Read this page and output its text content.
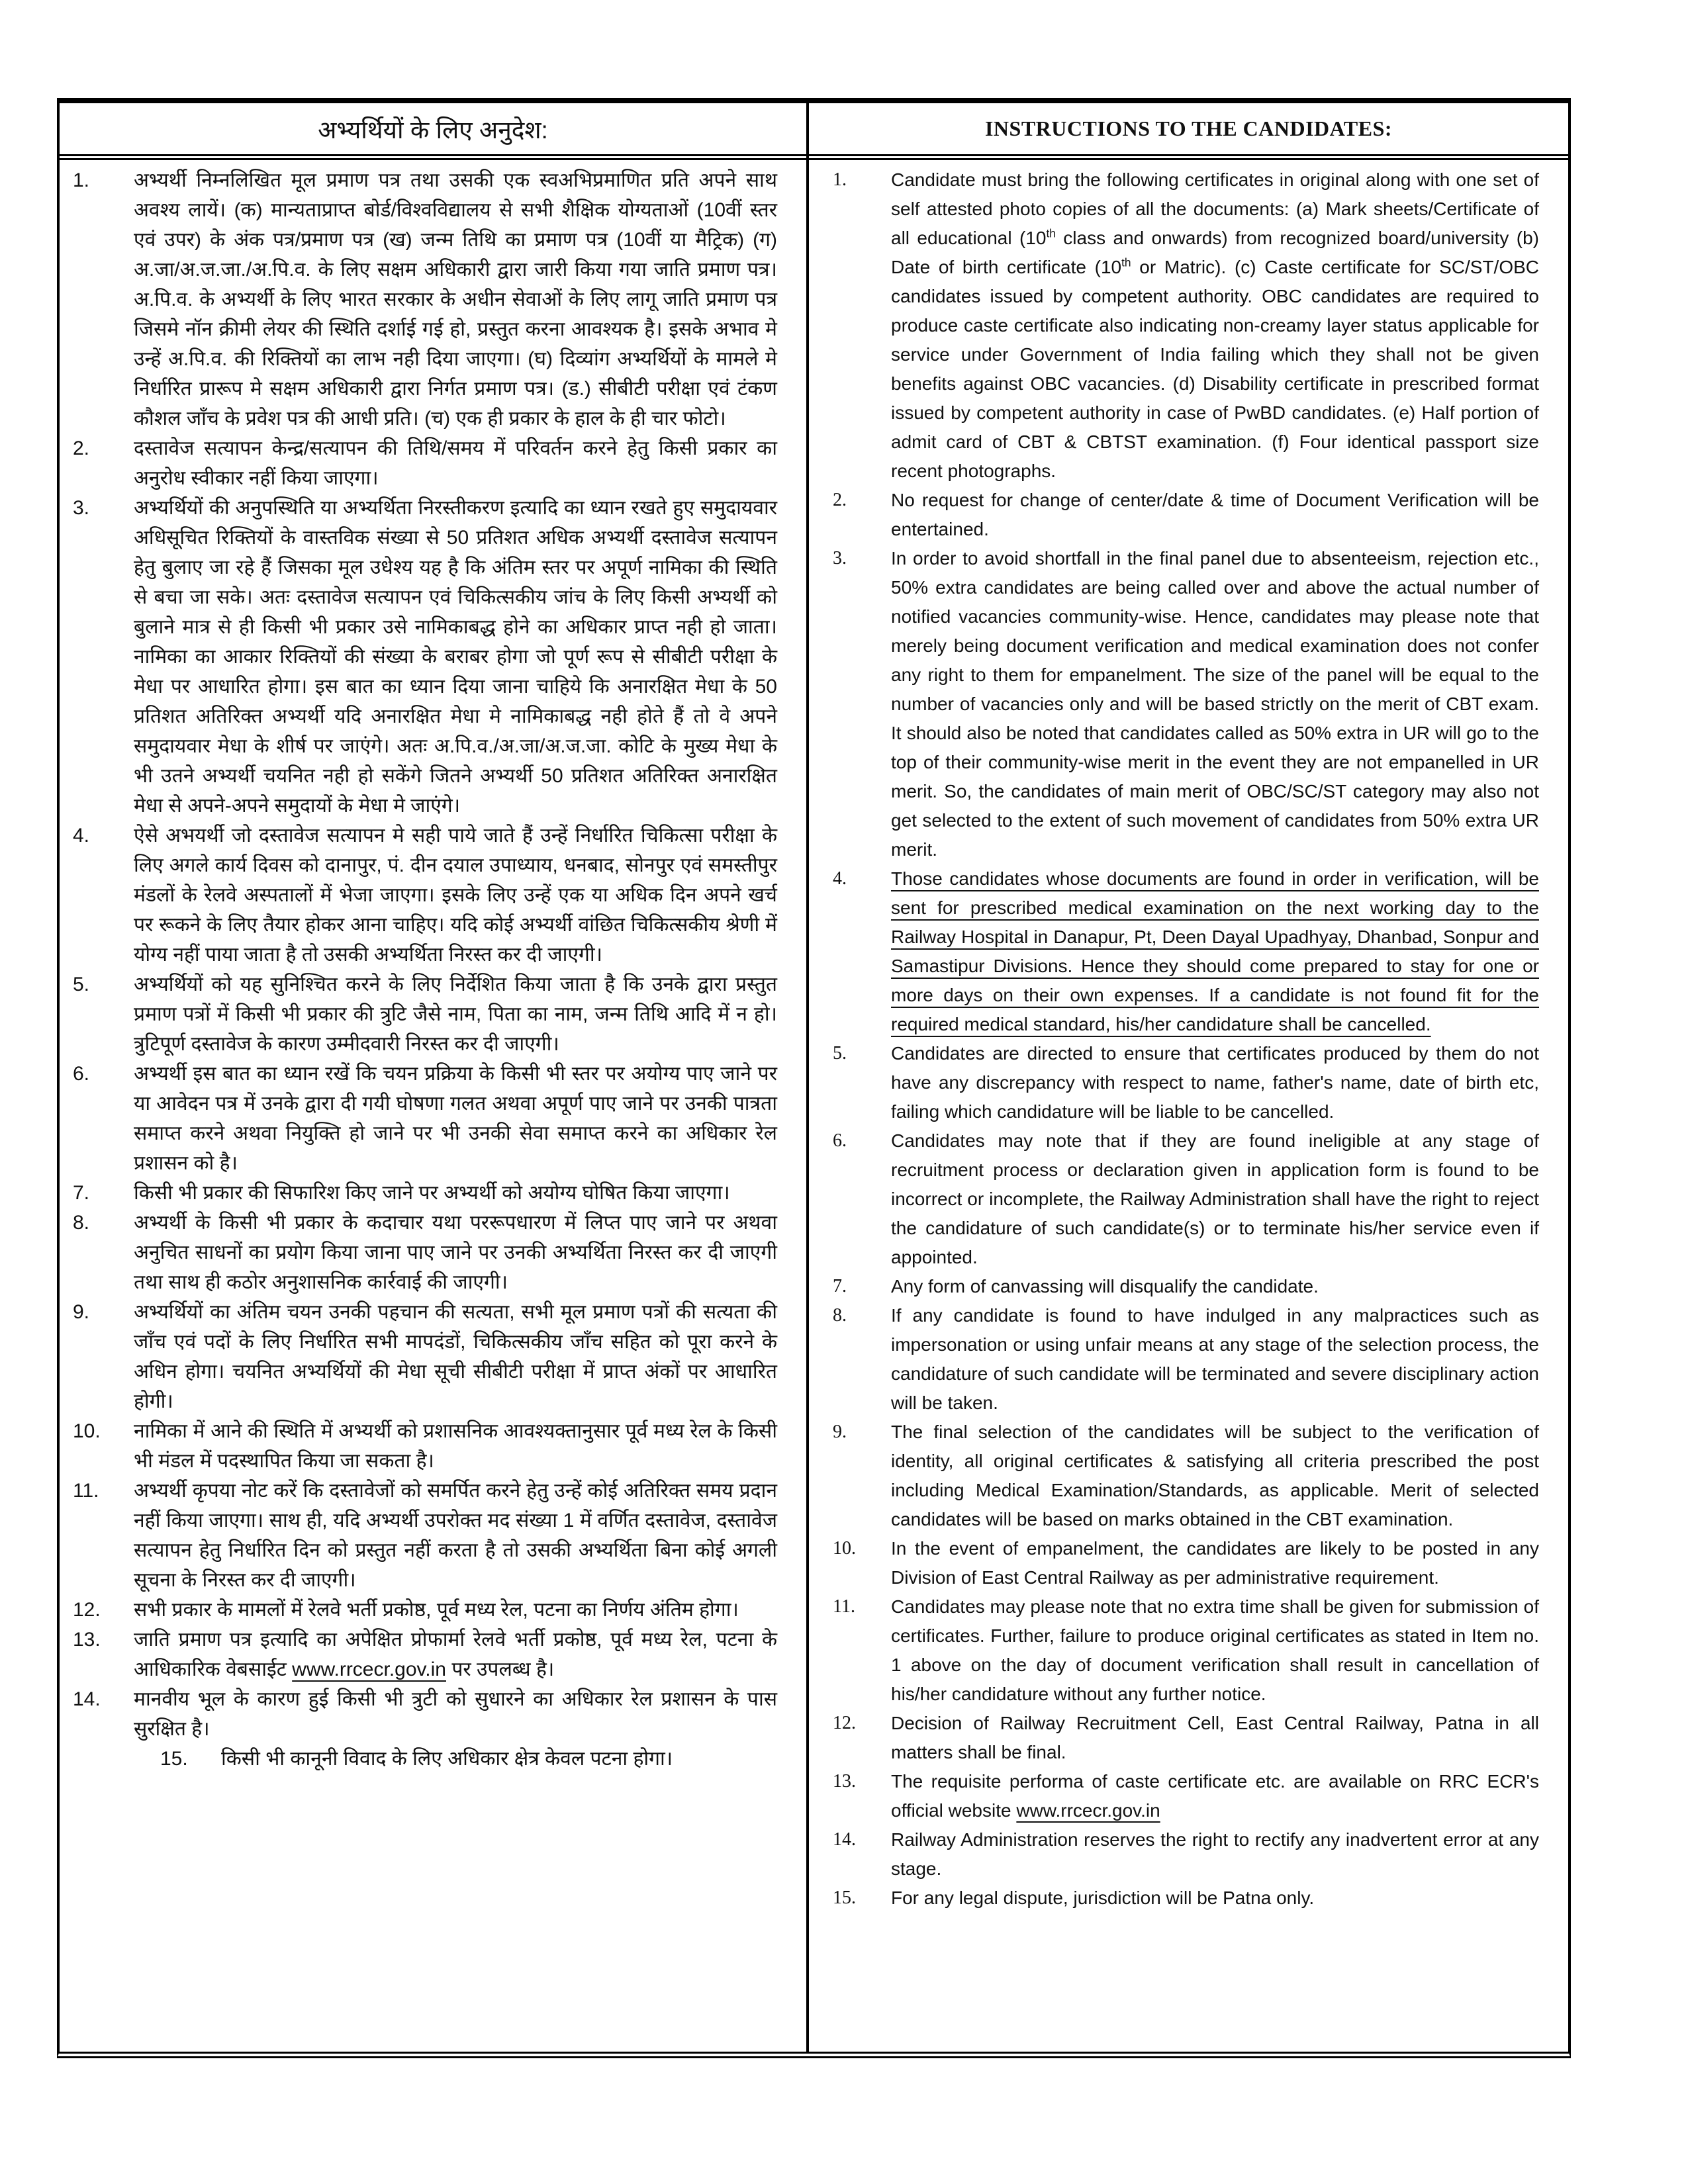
अभ्यर्थियों के लिए अनुदेश:
1.	अभ्यर्थी निम्नलिखित मूल प्रमाण पत्र तथा उसकी एक स्वअभिप्रमाणित प्रति अपने साथ अवश्य लायें। (क) मान्यताप्राप्त बोर्ड/विश्वविद्यालय से सभी शैक्षिक योग्यताओं (10वीं स्तर एवं उपर) के अंक पत्र/प्रमाण पत्र (ख) जन्म तिथि का प्रमाण पत्र (10वीं या मैट्रिक) (ग) अ.जा/अ.ज.जा./अ.पि.व. के लिए सक्षम अधिकारी द्वारा जारी किया गया जाति प्रमाण पत्र। अ.पि.व. के अभ्यर्थी के लिए भारत सरकार के अधीन सेवाओं के लिए लागू जाति प्रमाण पत्र जिसमे नॉन क्रीमी लेयर की स्थिति दर्शाई गई हो, प्रस्तुत करना आवश्यक है। इसके अभाव मे उन्हें अ.पि.व. की रिक्तियों का लाभ नही दिया जाएगा। (घ) दिव्यांग अभ्यर्थियों के मामले मे निर्धारित प्रारूप मे सक्षम अधिकारी द्वारा निर्गत प्रमाण पत्र। (ड.) सीबीटी परीक्षा एवं टंकण कौशल जाँच के प्रवेश पत्र की आधी प्रति। (च) एक ही प्रकार के हाल के ही चार फोटो।
2.	दस्तावेज सत्यापन केन्द्र/सत्यापन की तिथि/समय में परिवर्तन करने हेतु किसी प्रकार का अनुरोध स्वीकार नहीं किया जाएगा।
3.	अभ्यर्थियों की अनुपस्थिति या अभ्यर्थिता निरस्तीकरण इत्यादि का ध्यान रखते हुए समुदायवार अधिसूचित रिक्तियों के वास्तविक संख्या से 50 प्रतिशत अधिक अभ्यर्थी दस्तावेज सत्यापन हेतु बुलाए जा रहे हैं जिसका मूल उधेश्य यह है कि अंतिम स्तर पर अपूर्ण नामिका की स्थिति से बचा जा सके। अतः दस्तावेज सत्यापन एवं चिकित्सकीय जांच के लिए किसी अभ्यर्थी को बुलाने मात्र से ही किसी भी प्रकार उसे नामिकाबद्ध होने का अधिकार प्राप्त नही हो जाता। नामिका का आकार रिक्तियों की संख्या के बराबर होगा जो पूर्ण रूप से सीबीटी परीक्षा के मेधा पर आधारित होगा। इस बात का ध्यान दिया जाना चाहिये कि अनारक्षित मेधा के 50 प्रतिशत अतिरिक्त अभ्यर्थी यदि अनारक्षित मेधा मे नामिकाबद्ध नही होते हैं तो वे अपने समुदायवार मेधा के शीर्ष पर जाएंगे। अतः अ.पि.व./अ.जा/अ.ज.जा. कोटि के मुख्य मेधा के भी उतने अभ्यर्थी चयनित नही हो सकेंगे जितने अभ्यर्थी 50 प्रतिशत अतिरिक्त अनारक्षित मेधा से अपने-अपने समुदायों के मेधा मे जाएंगे।
4.	ऐसे अभयर्थी जो दस्तावेज सत्यापन मे सही पाये जाते हैं उन्हें निर्धारित चिकित्सा परीक्षा के लिए अगले कार्य दिवस को दानापुर, पं. दीन दयाल उपाध्याय, धनबाद, सोनपुर एवं समस्तीपुर मंडलों के रेलवे अस्पतालों में भेजा जाएगा। इसके लिए उन्हें एक या अधिक दिन अपने खर्च पर रूकने के लिए तैयार होकर आना चाहिए। यदि कोई अभ्यर्थी वांछित चिकित्सकीय श्रेणी में योग्य नहीं पाया जाता है तो उसकी अभ्यर्थिता निरस्त कर दी जाएगी।
5.	अभ्यर्थियों को यह सुनिश्चित करने के लिए निर्देशित किया जाता है कि उनके द्वारा प्रस्तुत प्रमाण पत्रों में किसी भी प्रकार की त्रुटि जैसे नाम, पिता का नाम, जन्म तिथि आदि में न हो। त्रुटिपूर्ण दस्तावेज के कारण उम्मीदवारी निरस्त कर दी जाएगी।
6.	अभ्यर्थी इस बात का ध्यान रखें कि चयन प्रक्रिया के किसी भी स्तर पर अयोग्य पाए जाने पर या आवेदन पत्र में उनके द्वारा दी गयी घोषणा गलत अथवा अपूर्ण पाए जाने पर उनकी पात्रता समाप्त करने अथवा नियुक्ति हो जाने पर भी उनकी सेवा समाप्त करने का अधिकार रेल प्रशासन को है।
7.	किसी भी प्रकार की सिफारिश किए जाने पर अभ्यर्थी को अयोग्य घोषित किया जाएगा।
8.	अभ्यर्थी के किसी भी प्रकार के कदाचार यथा पररूपधारण में लिप्त पाए जाने पर अथवा अनुचित साधनों का प्रयोग किया जाना पाए जाने पर उनकी अभ्यर्थिता निरस्त कर दी जाएगी तथा साथ ही कठोर अनुशासनिक कार्रवाई की जाएगी।
9.	अभ्यर्थियों का अंतिम चयन उनकी पहचान की सत्यता, सभी मूल प्रमाण पत्रों की सत्यता की जाँच एवं पदों के लिए निर्धारित सभी मापदंडों, चिकित्सकीय जाँच सहित को पूरा करने के अधिन होगा। चयनित अभ्यर्थियों की मेधा सूची सीबीटी परीक्षा में प्राप्त अंकों पर आधारित होगी।
10.	नामिका में आने की स्थिति में अभ्यर्थी को प्रशासनिक आवश्यक्तानुसार पूर्व मध्य रेल के किसी भी मंडल में पदस्थापित किया जा सकता है।
11.	अभ्यर्थी कृपया नोट करें कि दस्तावेजों को समर्पित करने हेतु उन्हें कोई अतिरिक्त समय प्रदान नहीं किया जाएगा। साथ ही, यदि अभ्यर्थी उपरोक्त मद संख्या 1 में वर्णित दस्तावेज, दस्तावेज सत्यापन हेतु निर्धारित दिन को प्रस्तुत नहीं करता है तो उसकी अभ्यर्थिता बिना कोई अगली सूचना के निरस्त कर दी जाएगी।
12.	सभी प्रकार के मामलों में रेलवे भर्ती प्रकोष्ठ, पूर्व मध्य रेल, पटना का निर्णय अंतिम होगा।
13.	जाति प्रमाण पत्र इत्यादि का अपेक्षित प्रोफार्मा रेलवे भर्ती प्रकोष्ठ, पूर्व मध्य रेल, पटना के आधिकारिक वेबसाईट www.rrcecr.gov.in पर उपलब्ध है।
14.	मानवीय भूल के कारण हुई किसी भी त्रुटी को सुधारने का अधिकार रेल प्रशासन के पास सुरक्षित है।
15.	किसी भी कानूनी विवाद के लिए अधिकार क्षेत्र केवल पटना होगा।
INSTRUCTIONS TO THE CANDIDATES:
1.	Candidate must bring the following certificates in original along with one set of self attested photo copies of all the documents: (a) Mark sheets/Certificate of all educational (10th class and onwards) from recognized board/university (b) Date of birth certificate (10th or Matric). (c) Caste certificate for SC/ST/OBC candidates issued by competent authority. OBC candidates are required to produce caste certificate also indicating non-creamy layer status applicable for service under Government of India failing which they shall not be given benefits against OBC vacancies. (d) Disability certificate in prescribed format issued by competent authority in case of PwBD candidates. (e) Half portion of admit card of CBT & CBTST examination. (f) Four identical passport size recent photographs.
2.	No request for change of center/date & time of Document Verification will be entertained.
3.	In order to avoid shortfall in the final panel due to absenteeism, rejection etc., 50% extra candidates are being called over and above the actual number of notified vacancies community-wise. Hence, candidates may please note that merely being document verification and medical examination does not confer any right to them for empanelment. The size of the panel will be equal to the number of vacancies only and will be based strictly on the merit of CBT exam. It should also be noted that candidates called as 50% extra in UR will go to the top of their community-wise merit in the event they are not empanelled in UR merit. So, the candidates of main merit of OBC/SC/ST category may also not get selected to the extent of such movement of candidates from 50% extra UR merit.
4.	Those candidates whose documents are found in order in verification, will be sent for prescribed medical examination on the next working day to the Railway Hospital in Danapur, Pt, Deen Dayal Upadhyay, Dhanbad, Sonpur and Samastipur Divisions. Hence they should come prepared to stay for one or more days on their own expenses. If a candidate is not found fit for the required medical standard, his/her candidature shall be cancelled.
5.	Candidates are directed to ensure that certificates produced by them do not have any discrepancy with respect to name, father's name, date of birth etc, failing which candidature will be liable to be cancelled.
6.	Candidates may note that if they are found ineligible at any stage of recruitment process or declaration given in application form is found to be incorrect or incomplete, the Railway Administration shall have the right to reject the candidature of such candidate(s) or to terminate his/her service even if appointed.
7.	Any form of canvassing will disqualify the candidate.
8.	If any candidate is found to have indulged in any malpractices such as impersonation or using unfair means at any stage of the selection process, the candidature of such candidate will be terminated and severe disciplinary action will be taken.
9.	The final selection of the candidates will be subject to the verification of identity, all original certificates & satisfying all criteria prescribed the post including Medical Examination/Standards, as applicable. Merit of selected candidates will be based on marks obtained in the CBT examination.
10.	In the event of empanelment, the candidates are likely to be posted in any Division of East Central Railway as per administrative requirement.
11.	Candidates may please note that no extra time shall be given for submission of certificates. Further, failure to produce original certificates as stated in Item no. 1 above on the day of document verification shall result in cancellation of his/her candidature without any further notice.
12.	Decision of Railway Recruitment Cell, East Central Railway, Patna in all matters shall be final.
13.	The requisite performa of caste certificate etc. are available on RRC ECR's official website www.rrcecr.gov.in
14.	Railway Administration reserves the right to rectify any inadvertent error at any stage.
15.	For any legal dispute, jurisdiction will be Patna only.
